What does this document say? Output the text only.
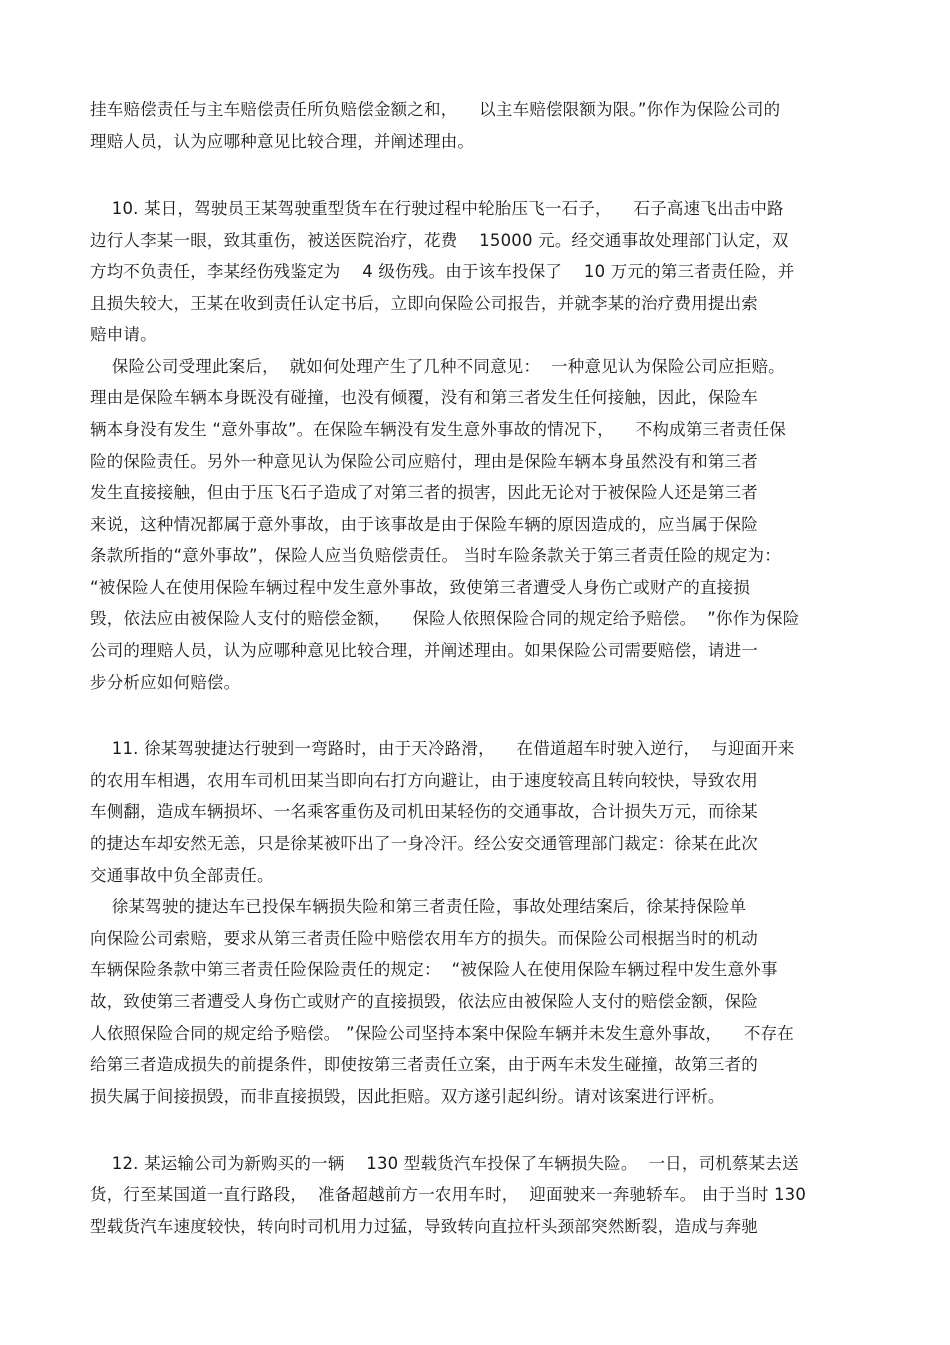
挂车赔偿责任与主车赔偿责任所负赔偿金额之和，    以主车赔偿限额为限。”你作为保险公司的
理赔人员，认为应哪种意见比较合理，并阐述理由。
10. 某日，驾驶员王某驾驶重型货车在行驶过程中轮胎压飞一石子，    石子高速飞出击中路
边行人李某一眼，致其重伤，被送医院治疗，花费    15000 元。经交通事故处理部门认定，双
方均不负责任，李某经伤残鉴定为    4 级伤残。由于该车投保了    10 万元的第三者责任险，并
且损失较大，王某在收到责任认定书后，立即向保险公司报告，并就李某的治疗费用提出索
赔申请。
保险公司受理此案后，  就如何处理产生了几种不同意见：  一种意见认为保险公司应拒赔。
理由是保险车辆本身既没有碰撞，也没有倾覆，没有和第三者发生任何接触，因此，保险车
辆本身没有发生 “意外事故”。在保险车辆没有发生意外事故的情况下，    不构成第三者责任保
险的保险责任。另外一种意见认为保险公司应赔付，理由是保险车辆本身虽然没有和第三者
发生直接接触，但由于压飞石子造成了对第三者的损害，因此无论对于被保险人还是第三者
来说，这种情况都属于意外事故，由于该事故是由于保险车辆的原因造成的，应当属于保险
条款所指的“意外事故”，保险人应当负赔偿责任。 当时车险条款关于第三者责任险的规定为：
“被保险人在使用保险车辆过程中发生意外事故，致使第三者遭受人身伤亡或财产的直接损
毁，依法应由被保险人支付的赔偿金额，    保险人依照保险合同的规定给予赔偿。  ”你作为保险
公司的理赔人员，认为应哪种意见比较合理，并阐述理由。如果保险公司需要赔偿，请进一
步分析应如何赔偿。
11. 徐某驾驶捷达行驶到一弯路时，由于天冷路滑，    在借道超车时驶入逆行，  与迎面开来
的农用车相遇，农用车司机田某当即向右打方向避让，由于速度较高且转向较快，导致农用
车侧翻，造成车辆损坏、一名乘客重伤及司机田某轻伤的交通事故，合计损失万元，而徐某
的捷达车却安然无恙，只是徐某被吓出了一身冷汗。经公安交通管理部门裁定：徐某在此次
交通事故中负全部责任。
徐某驾驶的捷达车已投保车辆损失险和第三者责任险，事故处理结案后，徐某持保险单
向保险公司索赔，要求从第三者责任险中赔偿农用车方的损失。而保险公司根据当时的机动
车辆保险条款中第三者责任险保险责任的规定：  “被保险人在使用保险车辆过程中发生意外事
故，致使第三者遭受人身伤亡或财产的直接损毁，依法应由被保险人支付的赔偿金额，保险
人依照保险合同的规定给予赔偿。 ”保险公司坚持本案中保险车辆并未发生意外事故，    不存在
给第三者造成损失的前提条件，即使按第三者责任立案，由于两车未发生碰撞，故第三者的
损失属于间接损毁，而非直接损毁，因此拒赔。双方遂引起纠纷。请对该案进行评析。
12. 某运输公司为新购买的一辆    130 型载货汽车投保了车辆损失险。  一日，司机蔡某去送
货，行至某国道一直行路段，  准备超越前方一农用车时，  迎面驶来一奔驰轿车。 由于当时 130
型载货汽车速度较快，转向时司机用力过猛，导致转向直拉杆头颈部突然断裂，造成与奔驰
